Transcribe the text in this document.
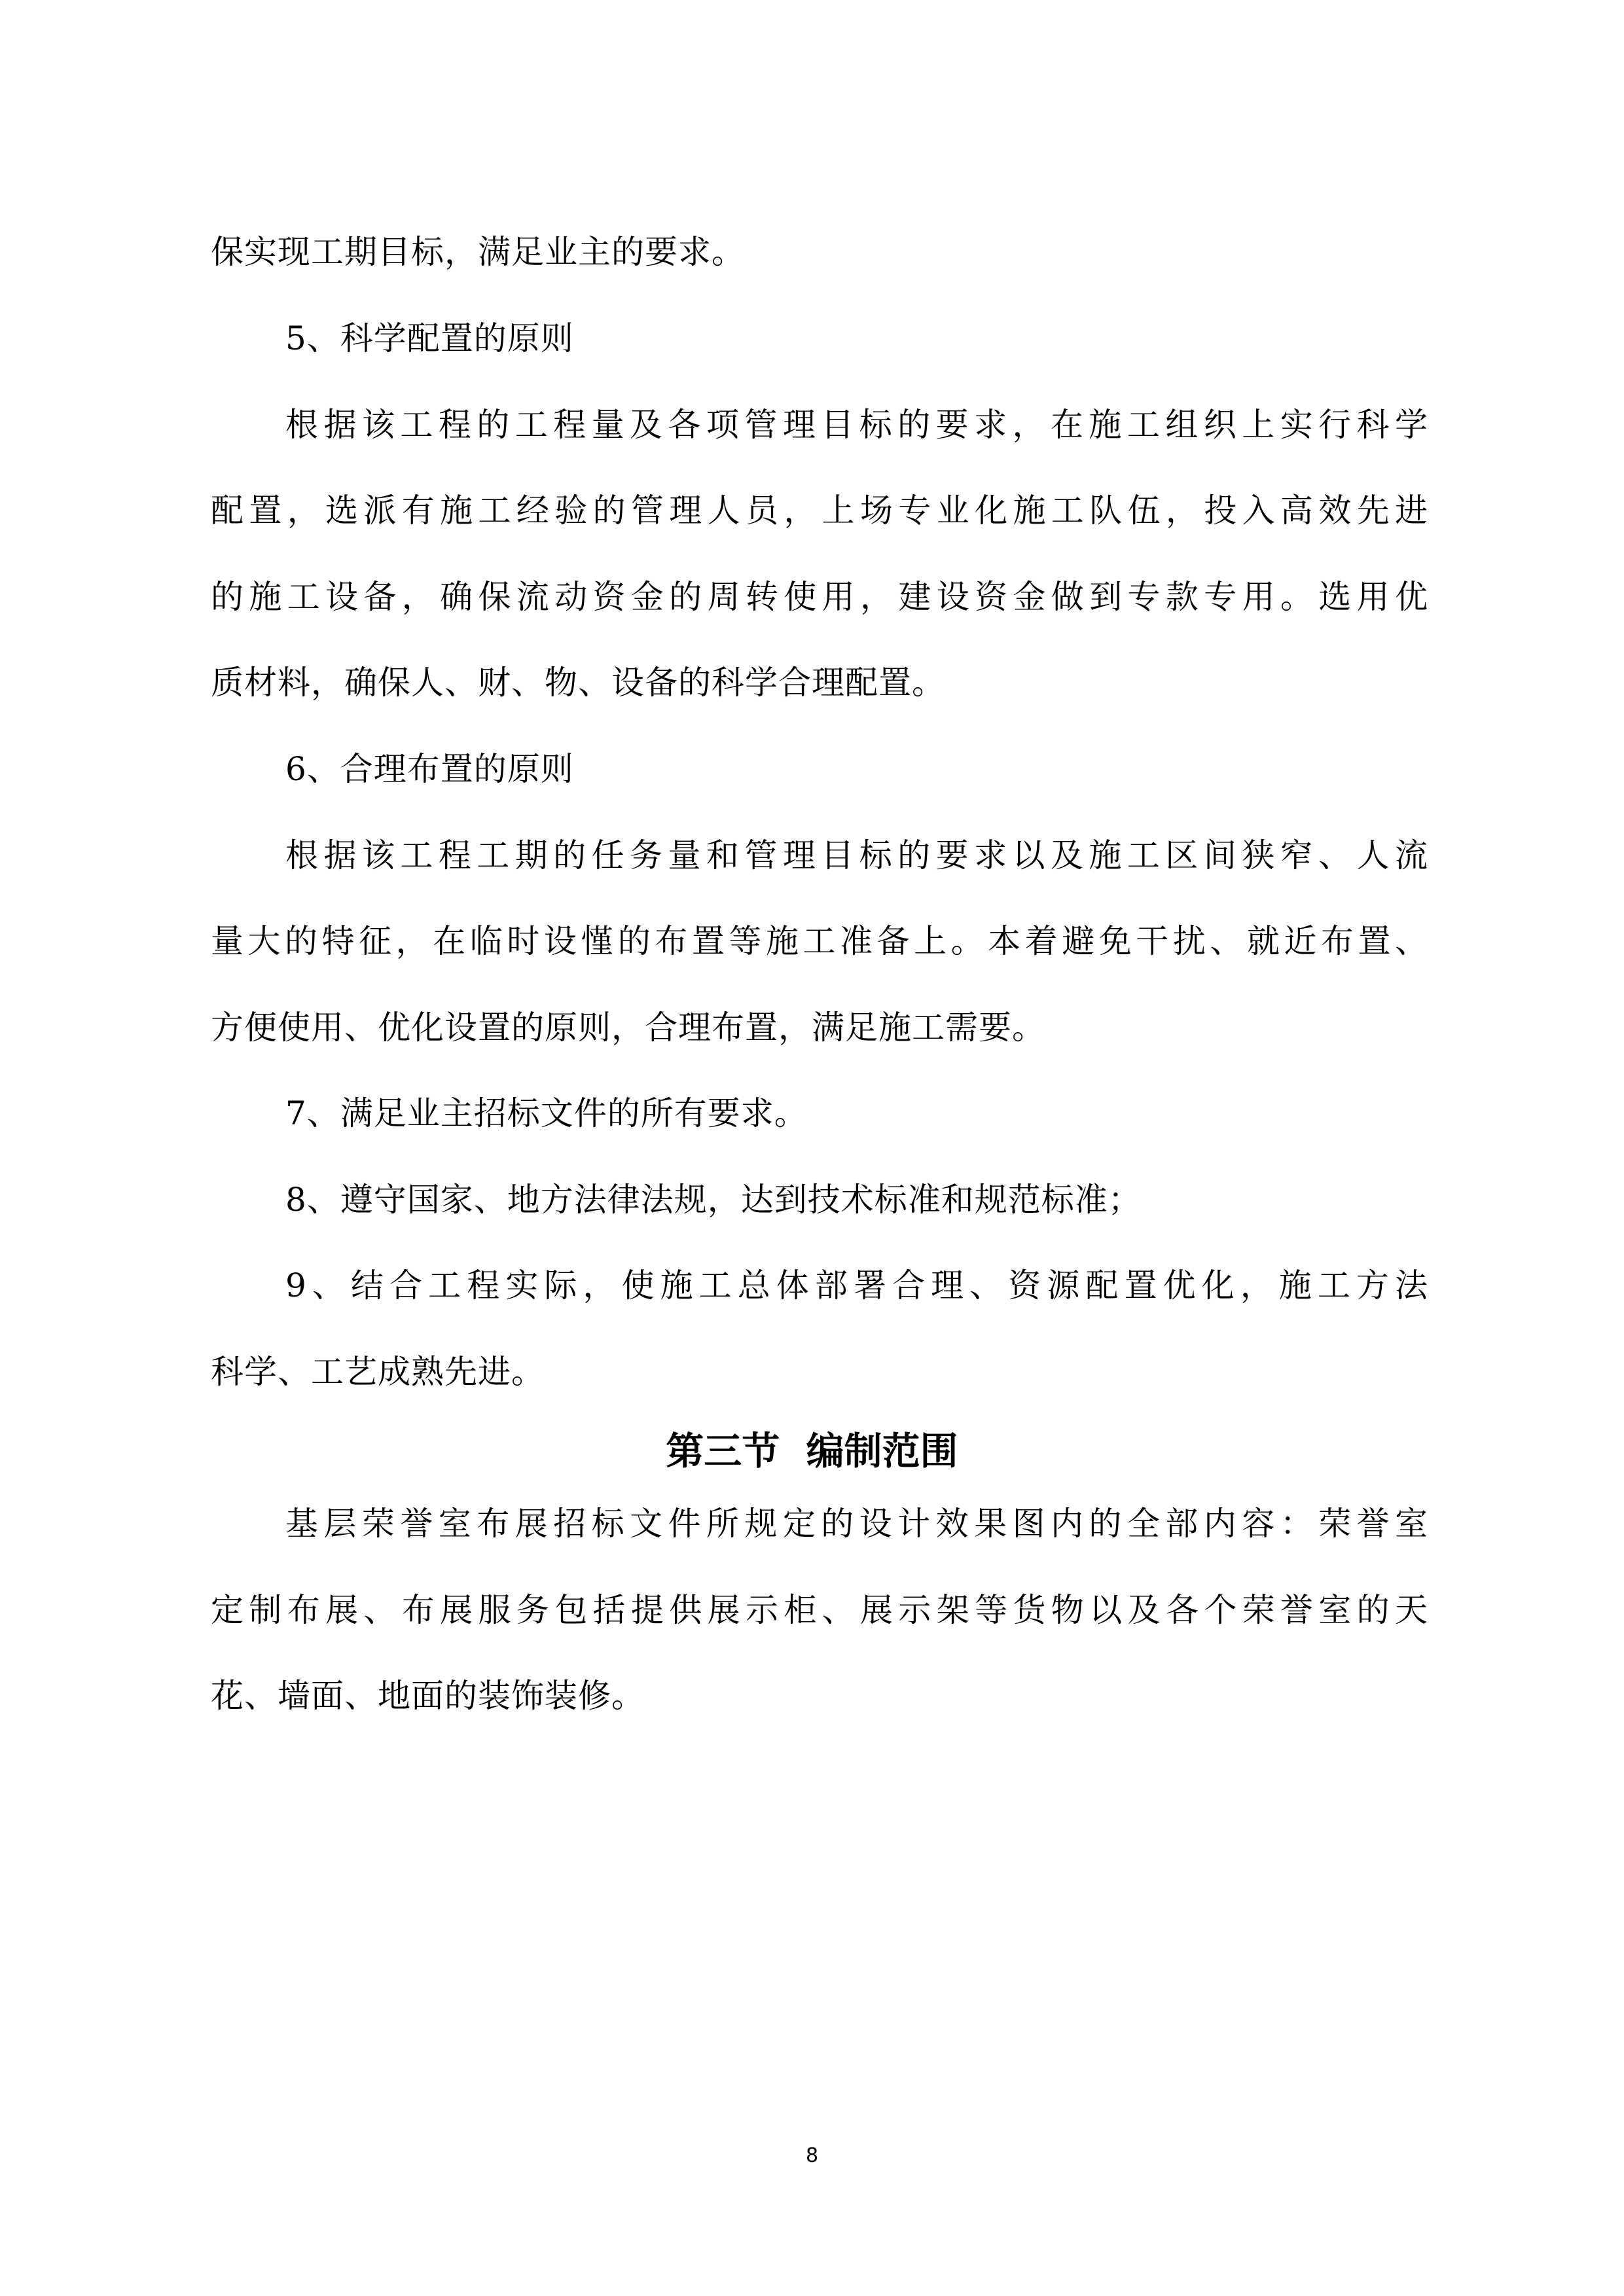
保实现工期目标，满足业主的要求。
5、科学配置的原则
根据该工程的工程量及各项管理目标的要求，在施工组织上实行科学
配置，选派有施工经验的管理人员，上场专业化施工队伍，投入高效先进
的施工设备，确保流动资金的周转使用，建设资金做到专款专用。选用优
质材料，确保人、财、物、设备的科学合理配置。
6、合理布置的原则
根据该工程工期的任务量和管理目标的要求以及施工区间狭窄、人流
量大的特征，在临时设慬的布置等施工准备上。本着避免干扰、就近布置、
方便使用、优化设置的原则，合理布置，满足施工需要。
7、满足业主招标文件的所有要求。
8、遵守国家、地方法律法规，达到技术标准和规范标准；
9、结合工程实际，使施工总体部署合理、资源配置优化，施工方法
科学、工艺成熟先进。
第三节  编制范围
基层荣誉室布展招标文件所规定的设计效果图内的全部内容：荣誉室
定制布展、布展服务包括提供展示柜、展示架等货物以及各个荣誉室的天
花、墙面、地面的装饰装修。
8
